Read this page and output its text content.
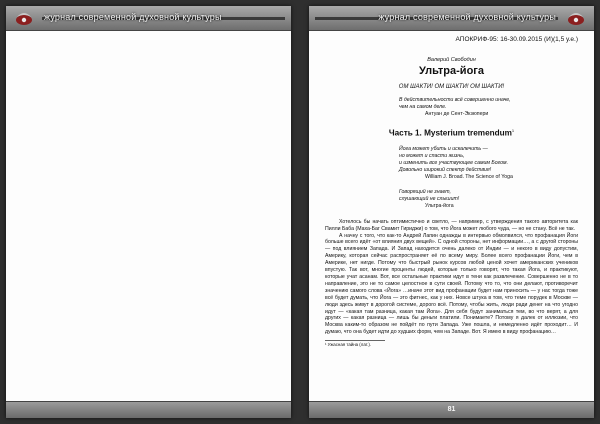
журнал современной духовной культуры	журнал современной духовной культуры
АПОКРИФ-95: 16-30.09.2015 (И)(1,5 у.е.)
Валерий Свободин
Ультра-йога
ОМ ШАКТИ! ОМ ШАКТИ! ОМ ШАКТИ!
В действительности всё совершенно иначе,
чем на самом деле.
Антуан де Сент-Экзюпери
Часть 1. Mysterium tremendum$^1$
Йога может убить и искалечить —
но может и спасти жизнь,
и изменить все участвующее самим Богом.
Довольно широкий спектр действия!
William J. Broad. The Science of Yoga
Говорящий не знает,
слушающий не слышит!
Ультра-йога

Хотелось бы начать оптимистично и светло, — например, с утверждения такого авторитета как Пилли Баба (Маха-Баг Свамит Гириджи) о том, что Йога может любого чуда, — но не стану. Всё не так.

А начну с того, что как-то Андрей Лапин однажды в интервью обмолвился, что профанация Йоги больше всего идёт «от влияния двух вещей». С одной стороны, нет информации…, а с другой стороны — под влиянием Запада. И Запад находится очень далеко от Индии — и некого в виду допустим, Америку, которая сейчас распространяет её по всему миру. Более всего профанации Йоги, чем в Америке, нет нигде. Потому что быстрый рынок курсов любой ценой хочет американских учеников впустую. Так вот, многие проценты людей, которые только говорят, что такая Йога, и практикуют, которые учат асанам. Вот, все остальные практики идут в тени как развлечение. Совершенно не в то направление, это не то самое целостное в сути своей. Потому что то, что они делают, противоречит значению самого слова «Йога» …иначе этот вид профанации будет нам приносить — у нас тогда тоже всё будет думать, что Йога — это фитнес, как у них. Новсе штука в том, что теме порудек в Москве — люди здесь живут в дорогой системе, дорого всё. Потому, чтобы жить, люди ради денег на что угодно идут — «какая там разница, какая там Йога». Для себя будут заниматься тем, во что верят, а для других — какая разница — лишь бы деньги платили. Понимаете? Потому я далек от иллюзии, что Москва каким-то образом не пойдёт по пути Запада. Уже пошла, и немедленно идёт проходит… И думаю, что она будет идти до худших форм, чем на Западе. Вот. Я имею в виду профанацию…

¹ Ужасная тайна (лат.).
81
